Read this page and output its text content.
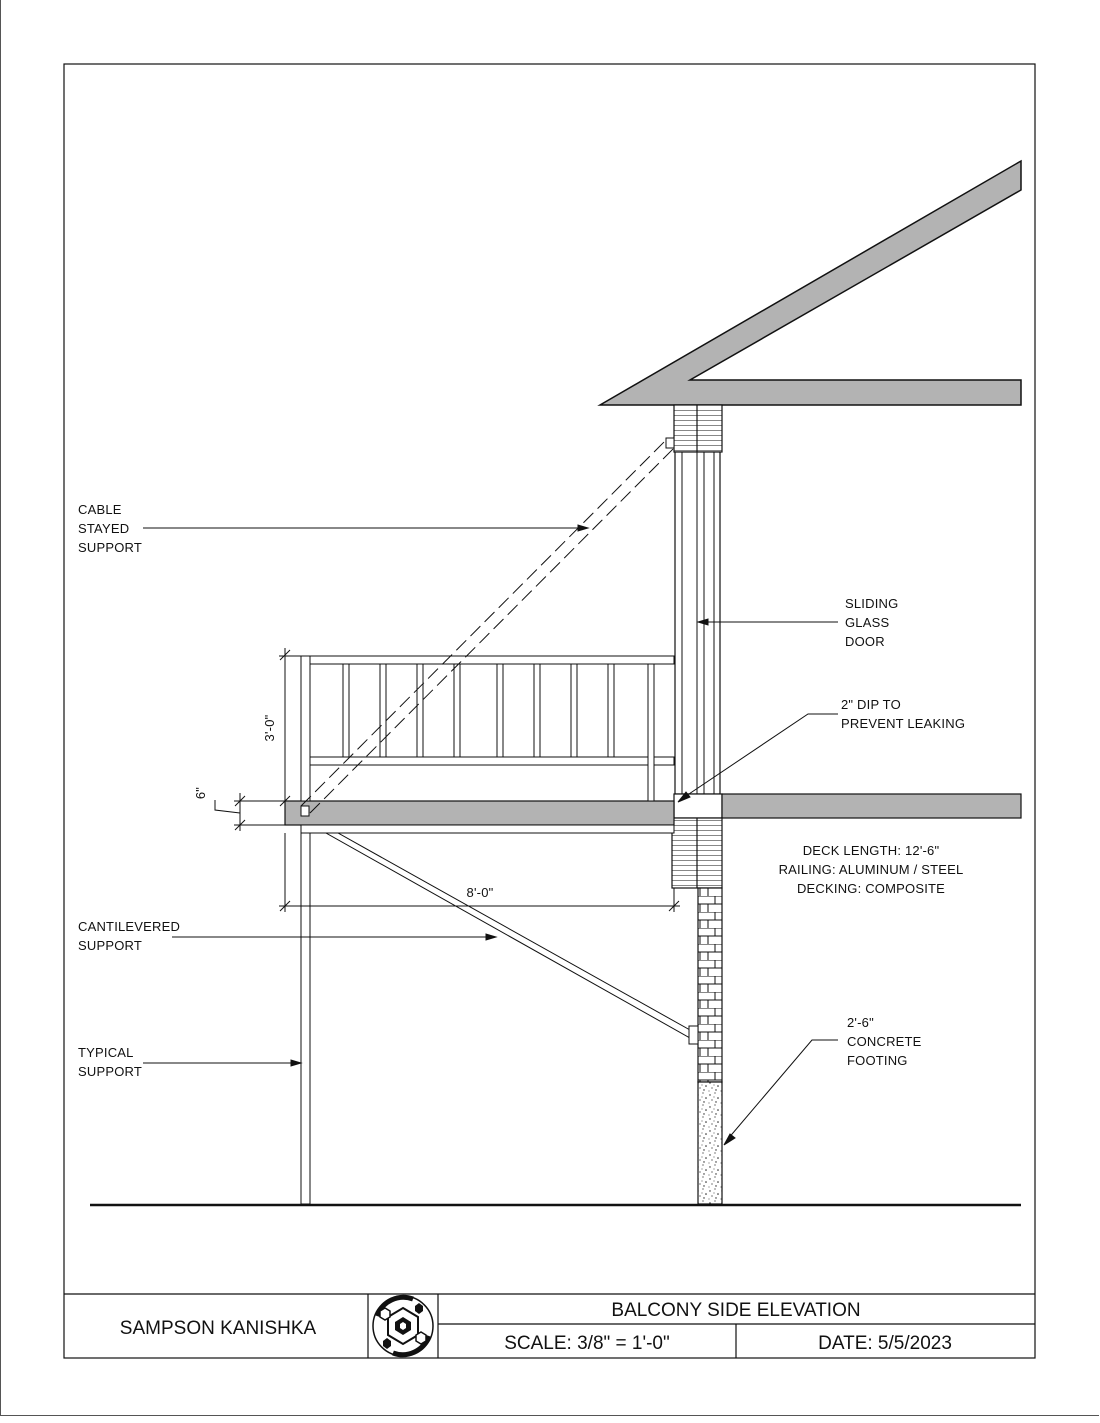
3'-0"
6"
8'-0"
CABLE
STAYED
SUPPORT
SLIDING
GLASS
DOOR
2" DIP TO
PREVENT LEAKING
DECK LENGTH: 12'-6"
RAILING: ALUMINUM / STEEL
DECKING: COMPOSITE
CANTILEVERED
SUPPORT
TYPICAL
SUPPORT
2'-6"
CONCRETE
FOOTING
SAMPSON KANISHKA
BALCONY SIDE ELEVATION
SCALE: 3/8" = 1'-0"	DATE: 5/5/2023
